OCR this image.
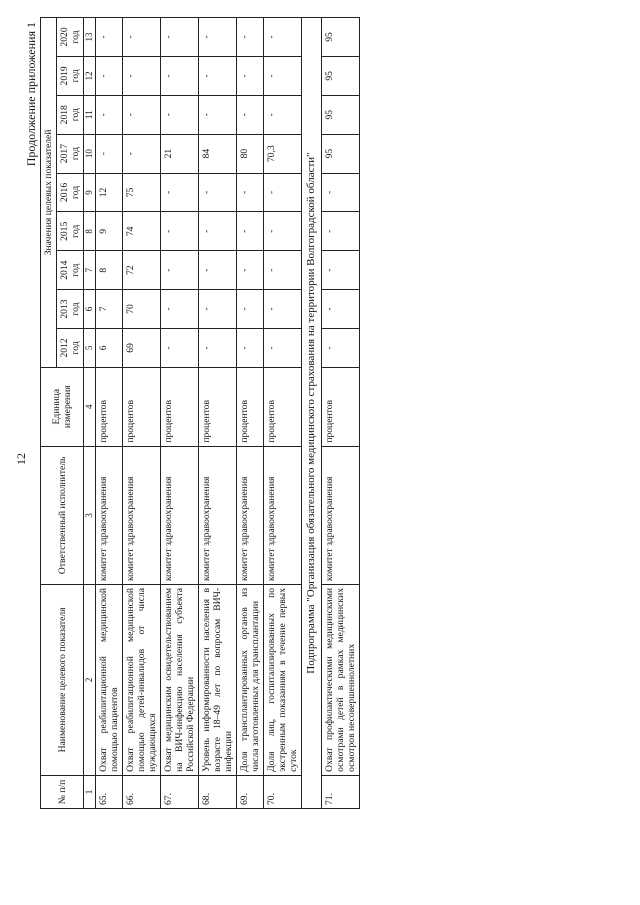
12
Продолжение приложения 1
№ п/п	Наименование целевого показателя	Ответственный исполнитель	Единица измерения	Значения целевых показателей								
				2012 год	2013 год	2014 год	2015 год	2016 год	2017 год	2018 год	2019 год	2020 год
1	2	3	4	5	6	7	8	9	10	11	12	13
65.	Охват реабилитационной медицинской помощью пациентов	комитет здравоохранения	процентов	6	7	8	9	12	-	-	-	-
66.	Охват реабилитационной медицинской помощью детей-инвалидов от числа нуждающихся	комитет здравоохранения	процентов	69	70	72	74	75	-	-	-	-
67.	Охват медицинским освидетельствованием на ВИЧ-инфекцию населения субъекта Российской Федерации	комитет здравоохранения	процентов	-	-	-	-	-	21	-	-	-
68.	Уровень информированности населения в возрасте 18–49 лет по вопросам ВИЧ-инфекции	комитет здравоохранения	процентов	-	-	-	-	-	84	-	-	-
69.	Доля трансплантированных органов из числа заготовленных для трансплантации	комитет здравоохранения	процентов	-	-	-	-	-	80	-	-	-
70.	Доля лиц, госпитализированных по экстренным показаниям в течение первых суток	комитет здравоохранения	процентов	-	-	-	-	-	70,3	-	-	-
Подпрограмма "Организация обязательного медицинского страхования на территории Волгоградской области"												
71.	Охват профилактическими медицинскими осмотрами детей в рамках медицинских осмотров несовершеннолетних	комитет здравоохранения	процентов	-	-	-	-	-	95	95	95	95
